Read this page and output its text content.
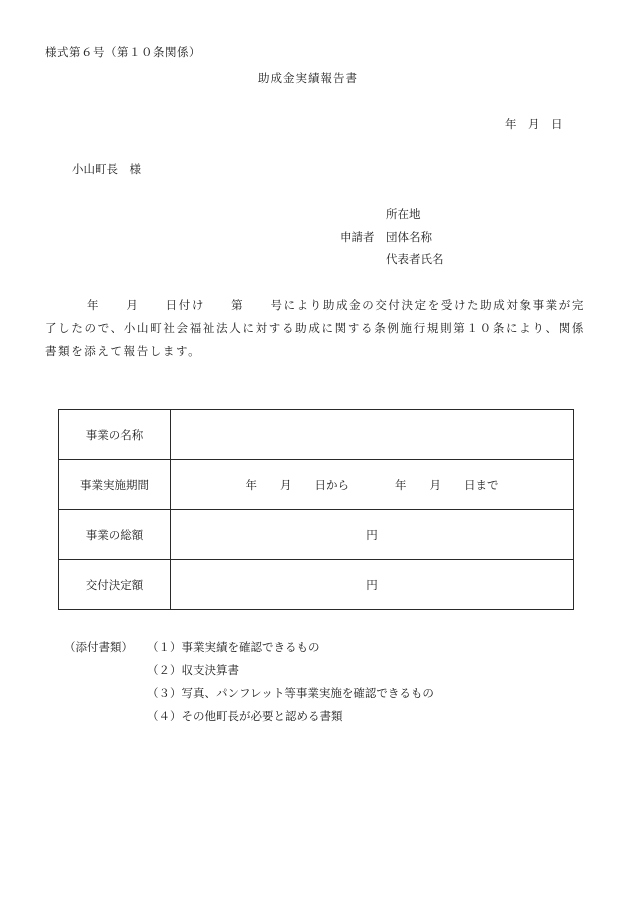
様式第６号（第１０条関係）
助成金実績報告書
年　月　日
小山町長　様
所在地
申請者 団体名称
代表者氏名
年　　月　　日付け　　第　　号により助成金の交付決定を受けた助成対象事業が完了したので、小山町社会福祉法人に対する助成に関する条例施行規則第１０条により、関係書類を添えて報告します。
事業の名称	
事業実施期間	年　　月　　日から　　　　年　　月　　日まで
事業の総額	円
交付決定額	円
（添付書類） （１）事業実績を確認できるもの
（２）収支決算書
（３）写真、パンフレット等事業実施を確認できるもの
（４）その他町長が必要と認める書類
